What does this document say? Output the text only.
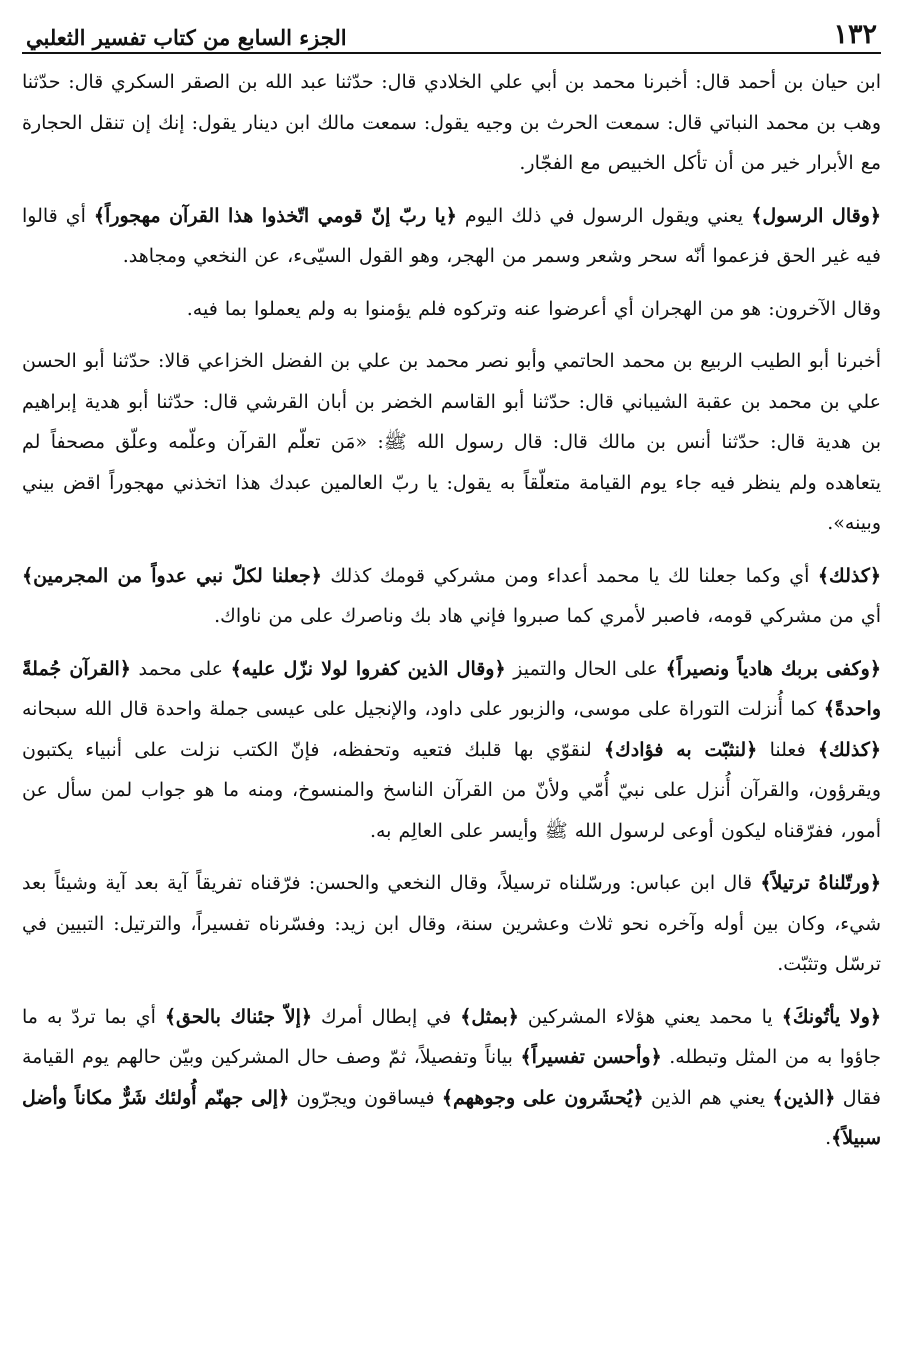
١٣٢
الجزء السابع من كتاب تفسير الثعلبي

ابن حيان بن أحمد قال: أخبرنا محمد بن أبي علي الخلادي قال: حدّثنا عبد الله بن الصقر السكري قال: حدّثنا وهب بن محمد النباتي قال: سمعت الحرث بن وجيه يقول: سمعت مالك ابن دينار يقول: إنك إن تنقل الحجارة مع الأبرار خير من أن تأكل الخبيص مع الفجّار.

﴿وقال الرسول﴾ يعني ويقول الرسول في ذلك اليوم ﴿يا ربّ إنّ قومي اتّخذوا هذا القرآن مهجوراً﴾ أي قالوا فيه غير الحق فزعموا أنّه سحر وشعر وسمر من الهجر، وهو القول السيّىء، عن النخعي ومجاهد.

وقال الآخرون: هو من الهجران أي أعرضوا عنه وتركوه فلم يؤمنوا به ولم يعملوا بما فيه.

أخبرنا أبو الطيب الربيع بن محمد الحاتمي وأبو نصر محمد بن علي بن الفضل الخزاعي قالا: حدّثنا أبو الحسن علي بن محمد بن عقبة الشيباني قال: حدّثنا أبو القاسم الخضر بن أبان القرشي قال: حدّثنا أبو هدية إبراهيم بن هدية قال: حدّثنا أنس بن مالك قال: قال رسول الله ﷺ: «مَن تعلّم القرآن وعلّمه وعلّق مصحفاً لم يتعاهده ولم ينظر فيه جاء يوم القيامة متعلّقاً به يقول: يا ربّ العالمين عبدك هذا اتخذني مهجوراً اقض بيني وبينه».

﴿كذلك﴾ أي وكما جعلنا لك يا محمد أعداء ومن مشركي قومك كذلك ﴿جعلنا لكلّ نبي عدواً من المجرمين﴾ أي من مشركي قومه، فاصبر لأمري كما صبروا فإني هاد بك وناصرك على من ناواك.

﴿وكفى بربك هادياً ونصيراً﴾ على الحال والتميز ﴿وقال الذين كفروا لولا نزّل عليه﴾ على محمد ﴿القرآن جُملةً واحدةً﴾ كما أُنزلت التوراة على موسى، والزبور على داود، والإنجيل على عيسى جملة واحدة قال الله سبحانه ﴿كذلك﴾ فعلنا ﴿لنثبّت به فؤادك﴾ لنقوّي بها قلبك فتعيه وتحفظه، فإنّ الكتب نزلت على أنبياء يكتبون ويقرؤون، والقرآن أُنزل على نبيّ أُمّي ولأنّ من القرآن الناسخ والمنسوخ، ومنه ما هو جواب لمن سأل عن أمور، ففرّقناه ليكون أوعى لرسول الله ﷺ وأيسر على العالِم به.

﴿ورتّلناهُ ترتيلاً﴾ قال ابن عباس: ورسّلناه ترسيلاً، وقال النخعي والحسن: فرّقناه تفريقاً آية بعد آية وشيئاً بعد شيء، وكان بين أوله وآخره نحو ثلاث وعشرين سنة، وقال ابن زيد: وفسّرناه تفسيراً، والترتيل: التبيين في ترسّل وتثبّت.

﴿ولا يأتُونكَ﴾ يا محمد يعني هؤلاء المشركين ﴿بمثل﴾ في إبطال أمرك ﴿إلاّ جئناك بالحق﴾ أي بما تردّ به ما جاؤوا به من المثل وتبطله. ﴿وأحسن تفسيراً﴾ بياناً وتفصيلاً، ثمّ وصف حال المشركين وبيّن حالهم يوم القيامة فقال ﴿الذين﴾ يعني هم الذين ﴿يُحشَرون على وجوههم﴾ فيساقون ويجرّون ﴿إلى جهنّم أُولئك شَرٌّ مكاناً وأضل سبيلاً﴾.
